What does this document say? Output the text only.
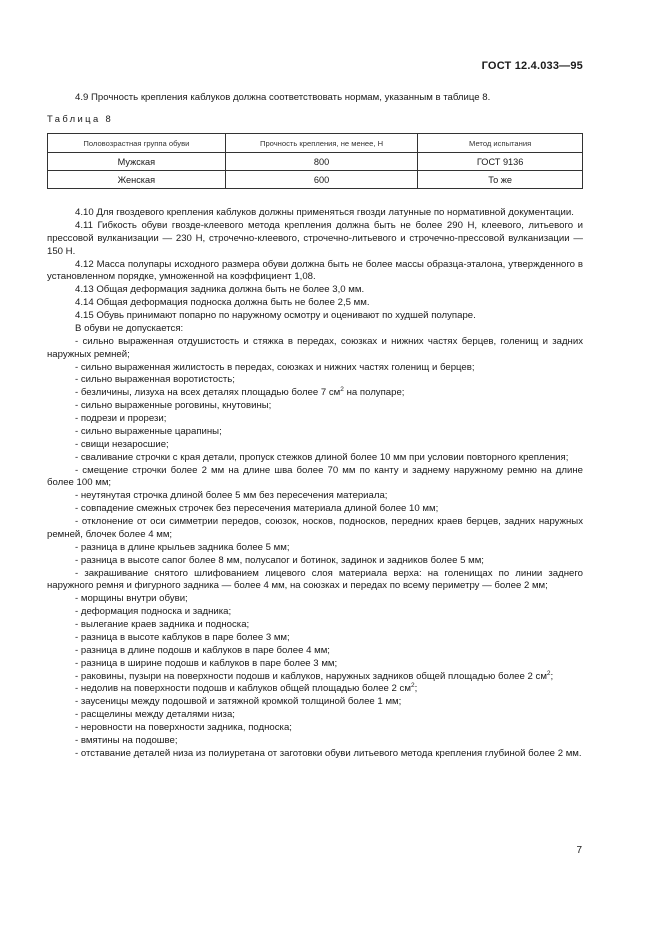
ГОСТ 12.4.033—95
4.9 Прочность крепления каблуков должна соответствовать нормам, указанным в таблице 8.
Таблица 8
Половозрастная группа обуви	Прочность крепления, не менее, Н	Метод испытания
Мужская	800	ГОСТ 9136
Женская	600	То же

4.10 Для гвоздевого крепления каблуков должны применяться гвозди латунные по нормативной документации.

4.11 Гибкость обуви гвоздe-клеевого метода крепления должна быть не более 290 Н, клеевого, литьевого и прессовой вулканизации — 230 Н, строчечно-клеевого, строчечно-литьевого и строчечно-прессовой вулканизации — 150 Н.

4.12 Масса полупары исходного размера обуви должна быть не более массы образца-эталона, утвержденного в установленном порядке, умноженной на коэффициент 1,08.

4.13 Общая деформация задника должна быть не более 3,0 мм.

4.14 Общая деформация подноска должна быть не более 2,5 мм.

4.15 Обувь принимают попарно по наружному осмотру и оценивают по худшей полупаре.

В обуви не допускается:

- сильно выраженная отдушистость и стяжка в передах, союзках и нижних частях берцев, голенищ и задних наружных ремней;

- сильно выраженная жилистость в передах, союзках и нижних частях голенищ и берцев;

- сильно выраженная воротистость;

- безличины, лизуха на всех деталях площадью более 7 $см^2$ на полупаре;

- сильно выраженные роговины, кнутовины;

- подрези и прорези;

- сильно выраженные царапины;

- свищи незаросшие;

- сваливание строчки с края детали, пропуск стежков длиной более 10 мм при условии повторного крепления;

- смещение строчки более 2 мм на длине шва более 70 мм по канту и заднему наружному ремню на длине более 100 мм;

- неутянутая строчка длиной более 5 мм без пересечения материала;

- совпадение смежных строчек без пересечения материала длиной более 10 мм;

- отклонение от оси симметрии передов, союзок, носков, подносков, передних краев берцев, задних наружных ремней, блочек более 4 мм;

- разница в длине крыльев задника более 5 мм;

- разница в высоте сапог более 8 мм, полусапог и ботинок, задинок и задников более 5 мм;

- закрашивание снятого шлифованием лицевого слоя материала верха: на голенищах по линии заднего наружного ремня и фигурного задника — более 4 мм, на союзках и передах по всему периметру — более 2 мм;

- морщины внутри обуви;

- деформация подноска и задника;

- вылегание краев задника и подноска;

- разница в высоте каблуков в паре более 3 мм;

- разница в длине подошв и каблуков в паре более 4 мм;

- разница в ширине подошв и каблуков в паре более 3 мм;

- раковины, пузыри на поверхности подошв и каблуков, наружных задников общей площадью более 2 $см^2$;

- недолив на поверхности подошв и каблуков общей площадью более 2 $см^2$;

- заусеницы между подошвой и затяжной кромкой толщиной более 1 мм;

- расщелины между деталями низа;

- неровности на поверхности задника, подноска;

- вмятины на подошве;

- отставание деталей низа из полиуретана от заготовки обуви литьевого метода крепления глубиной более 2 мм.

7
